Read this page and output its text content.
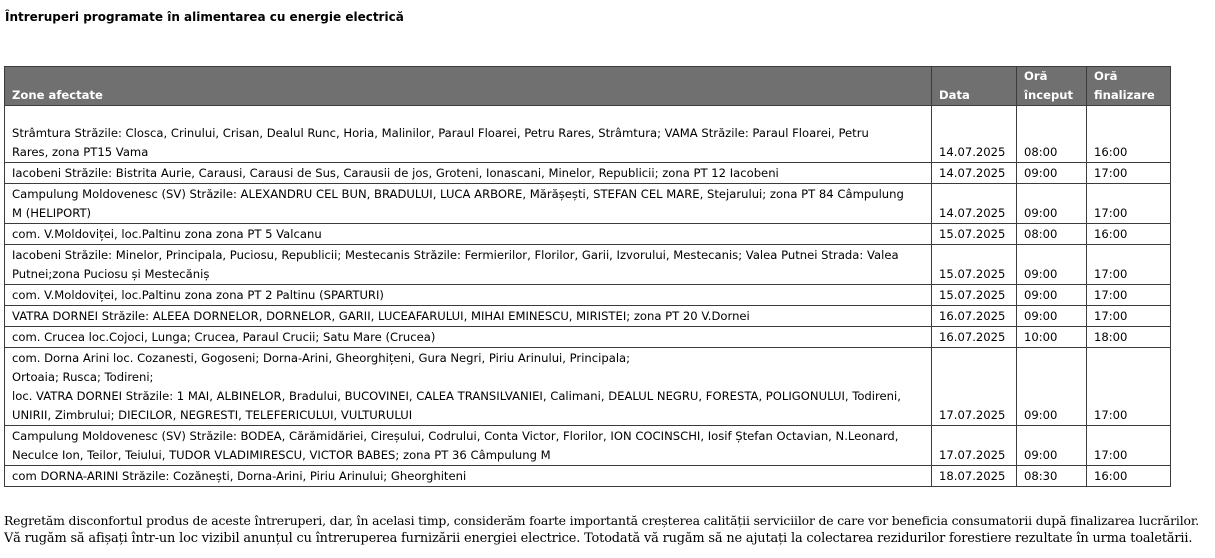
Întreruperi programate în alimentarea cu energie electrică
Zone afectate	Data	Oră început	Oră finalizare
Strâmtura Străzile: Closca, Crinului, Crisan, Dealul Runc, Horia, Malinilor, Paraul Floarei, Petru Rares, Strâmtura; VAMA Străzile: Paraul Floarei, Petru
Rares, zona PT15 Vama	14.07.2025	08:00	16:00
Iacobeni Străzile: Bistrita Aurie, Carausi, Carausi de Sus, Carausii de jos, Groteni, Ionascani, Minelor, Republicii; zona PT 12 Iacobeni	14.07.2025	09:00	17:00
Campulung Moldovenesc (SV) Străzile: ALEXANDRU CEL BUN, BRADULUI, LUCA ARBORE, Mărășești, STEFAN CEL MARE, Stejarului; zona PT 84 Câmpulung
M (HELIPORT)	14.07.2025	09:00	17:00
com. V.Moldoviței, loc.Paltinu zona zona PT 5 Valcanu	15.07.2025	08:00	16:00
Iacobeni Străzile: Minelor, Principala, Puciosu, Republicii; Mestecanis Străzile: Fermierilor, Florilor, Garii, Izvorului, Mestecanis; Valea Putnei Strada: Valea
Putnei;zona Puciosu și Mestecăniș	15.07.2025	09:00	17:00
com. V.Moldoviței, loc.Paltinu zona zona PT 2 Paltinu (SPARTURI)	15.07.2025	09:00	17:00
VATRA DORNEI Străzile: ALEEA DORNELOR, DORNELOR, GARII, LUCEAFARULUI, MIHAI EMINESCU, MIRISTEI; zona PT 20 V.Dornei	16.07.2025	09:00	17:00
com. Crucea loc.Cojoci, Lunga; Crucea, Paraul Crucii; Satu Mare (Crucea)	16.07.2025	10:00	18:00
com. Dorna Arini loc. Cozanesti, Gogoseni; Dorna-Arini, Gheorghițeni, Gura Negri, Piriu Arinului, Principala;
Ortoaia; Rusca; Todireni;
loc. VATRA DORNEI Străzile: 1 MAI, ALBINELOR, Bradului, BUCOVINEI, CALEA TRANSILVANIEI, Calimani, DEALUL NEGRU, FORESTA, POLIGONULUI, Todireni,
UNIRII, Zimbrului; DIECILOR, NEGRESTI, TELEFERICULUI, VULTURULUI	17.07.2025	09:00	17:00
Campulung Moldovenesc (SV) Străzile: BODEA, Cărămidăriei, Cireșului, Codrului, Conta Victor, Florilor, ION COCINSCHI, Iosif Ștefan Octavian, N.Leonard,
Neculce Ion, Teilor, Teiului, TUDOR VLADIMIRESCU, VICTOR BABES; zona PT 36 Câmpulung M	17.07.2025	09:00	17:00
com DORNA-ARINI Străzile: Cozănești, Dorna-Arini, Piriu Arinului; Gheorghiteni	18.07.2025	08:30	16:00
Regretăm disconfortul produs de aceste întreruperi, dar, în acelasi timp, considerăm foarte importantă creșterea calității serviciilor de care vor beneficia consumatorii după finalizarea lucrărilor.
Vă rugăm să afișați într-un loc vizibil anunțul cu întreruperea furnizării energiei electrice. Totodată vă rugăm să ne ajutați la colectarea rezidurilor forestiere rezultate în urma toaletării.
